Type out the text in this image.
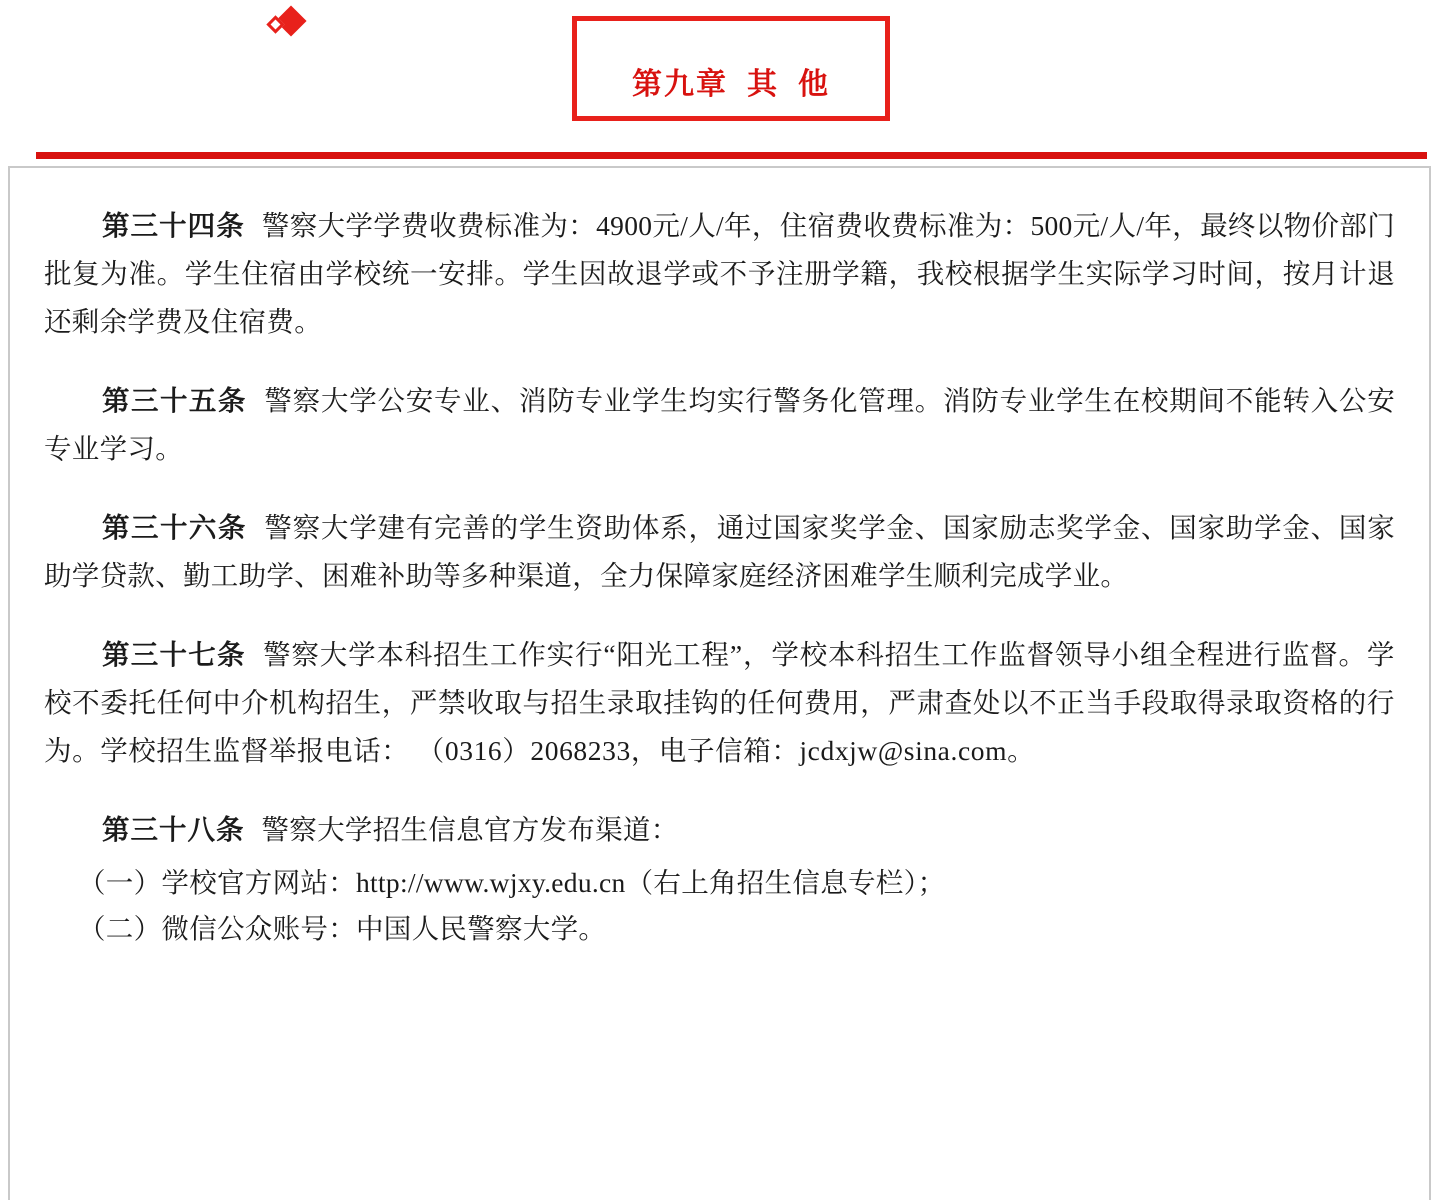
第九章  其  他

第三十四条 警察大学学费收费标准为：4900元/人/年，住宿费收费标准为：500元/人/年，最终以物价部门批复为准。学生住宿由学校统一安排。学生因故退学或不予注册学籍，我校根据学生实际学习时间，按月计退还剩余学费及住宿费。

第三十五条 警察大学公安专业、消防专业学生均实行警务化管理。消防专业学生在校期间不能转入公安专业学习。

第三十六条 警察大学建有完善的学生资助体系，通过国家奖学金、国家励志奖学金、国家助学金、国家助学贷款、勤工助学、困难补助等多种渠道，全力保障家庭经济困难学生顺利完成学业。

第三十七条 警察大学本科招生工作实行“阳光工程”，学校本科招生工作监督领导小组全程进行监督。学校不委托任何中介机构招生，严禁收取与招生录取挂钩的任何费用，严肃查处以不正当手段取得录取资格的行为。学校招生监督举报电话： （0316）2068233，电子信箱：jcdxjw@sina.com。

第三十八条 警察大学招生信息官方发布渠道：

（一）学校官方网站：http://www.wjxy.edu.cn（右上角招生信息专栏）；

（二）微信公众账号：中国人民警察大学。
